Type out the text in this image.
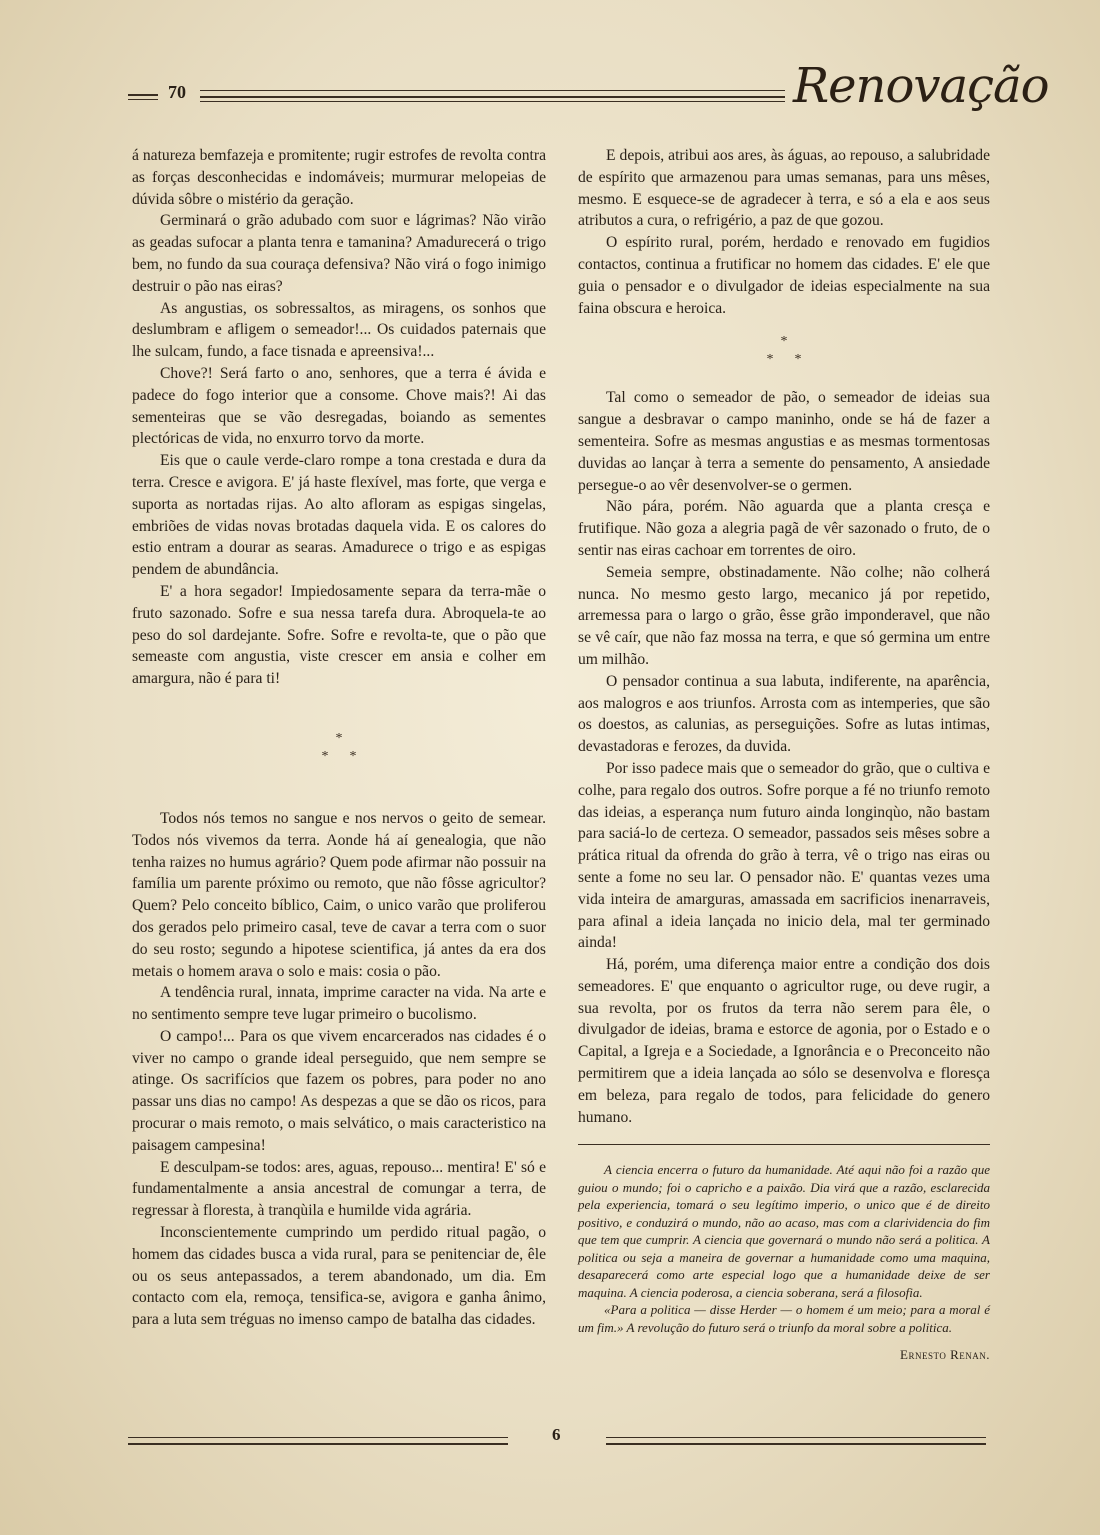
70	Renovação

á natureza bemfazeja e promitente; rugir estrofes de revolta contra as forças desconhecidas e indomáveis; murmurar melopeias de dúvida sôbre o mistério da geração.

Germinará o grão adubado com suor e lágrimas? Não virão as geadas sufocar a planta tenra e tamanina? Amadurecerá o trigo bem, no fundo da sua couraça defensiva? Não virá o fogo inimigo destruir o pão nas eiras?

As angustias, os sobressaltos, as miragens, os sonhos que deslumbram e afligem o semeador!... Os cuidados paternais que lhe sulcam, fundo, a face tisnada e apreensiva!...

Chove?! Será farto o ano, senhores, que a terra é ávida e padece do fogo interior que a consome. Chove mais?! Ai das sementeiras que se vão desregadas, boiando as sementes plectóricas de vida, no enxurro torvo da morte.

Eis que o caule verde-claro rompe a tona crestada e dura da terra. Cresce e avigora. E' já haste flexível, mas forte, que verga e suporta as nortadas rijas. Ao alto afloram as espigas singelas, embriões de vidas novas brotadas daquela vida. E os calores do estio entram a dourar as searas. Amadurece o trigo e as espigas pendem de abundância.

E' a hora segador! Impiedosamente separa da terra-mãe o fruto sazonado. Sofre e sua nessa tarefa dura. Abroquela-te ao peso do sol dardejante. Sofre. Sofre e revolta-te, que o pão que semeaste com angustia, viste crescer em ansia e colher em amargura, não é para ti!

*
* *

Todos nós temos no sangue e nos nervos o geito de semear. Todos nós vivemos da terra. Aonde há aí genealogia, que não tenha raizes no humus agrário? Quem pode afirmar não possuir na família um parente próximo ou remoto, que não fôsse agricultor? Quem? Pelo conceito bíblico, Caim, o unico varão que proliferou dos gerados pelo primeiro casal, teve de cavar a terra com o suor do seu rosto; segundo a hipotese scientifica, já antes da era dos metais o homem arava o solo e mais: cosia o pão.

A tendência rural, innata, imprime caracter na vida. Na arte e no sentimento sempre teve lugar primeiro o bucolismo.

O campo!... Para os que vivem encarcerados nas cidades é o viver no campo o grande ideal perseguido, que nem sempre se atinge. Os sacrifícios que fazem os pobres, para poder no ano passar uns dias no campo! As despezas a que se dão os ricos, para procurar o mais remoto, o mais selvático, o mais caracteristico na paisagem campesina!

E desculpam-se todos: ares, aguas, repouso... mentira! E' só e fundamentalmente a ansia ancestral de comungar a terra, de regressar à floresta, à tranqùila e humilde vida agrária.

Inconscientemente cumprindo um perdido ritual pagão, o homem das cidades busca a vida rural, para se penitenciar de, êle ou os seus antepassados, a terem abandonado, um dia. Em contacto com ela, remoça, tensifica-se, avigora e ganha ânimo, para a luta sem tréguas no imenso campo de batalha das cidades.

E depois, atribui aos ares, às águas, ao repouso, a salubridade de espírito que armazenou para umas semanas, para uns mêses, mesmo. E esquece-se de agradecer à terra, e só a ela e aos seus atributos a cura, o refrigério, a paz de que gozou.

O espírito rural, porém, herdado e renovado em fugidios contactos, continua a frutificar no homem das cidades. E' ele que guia o pensador e o divulgador de ideias especialmente na sua faina obscura e heroica.

*
* *

Tal como o semeador de pão, o semeador de ideias sua sangue a desbravar o campo maninho, onde se há de fazer a sementeira. Sofre as mesmas angustias e as mesmas tormentosas duvidas ao lançar à terra a semente do pensamento, A ansiedade persegue-o ao vêr desenvolver-se o germen.

Não pára, porém. Não aguarda que a planta cresça e frutifique. Não goza a alegria pagã de vêr sazonado o fruto, de o sentir nas eiras cachoar em torrentes de oiro.

Semeia sempre, obstinadamente. Não colhe; não colherá nunca. No mesmo gesto largo, mecanico já por repetido, arremessa para o largo o grão, êsse grão imponderavel, que não se vê caír, que não faz mossa na terra, e que só germina um entre um milhão.

O pensador continua a sua labuta, indiferente, na aparência, aos malogros e aos triunfos. Arrosta com as intemperies, que são os doestos, as calunias, as perseguições. Sofre as lutas intimas, devastadoras e ferozes, da duvida.

Por isso padece mais que o semeador do grão, que o cultiva e colhe, para regalo dos outros. Sofre porque a fé no triunfo remoto das ideias, a esperança num futuro ainda longinqùo, não bastam para saciá-lo de certeza. O semeador, passados seis mêses sobre a prática ritual da ofrenda do grão à terra, vê o trigo nas eiras ou sente a fome no seu lar. O pensador não. E' quantas vezes uma vida inteira de amarguras, amassada em sacrificios inenarraveis, para afinal a ideia lançada no inicio dela, mal ter germinado ainda!

Há, porém, uma diferença maior entre a condição dos dois semeadores. E' que enquanto o agricultor ruge, ou deve rugir, a sua revolta, por os frutos da terra não serem para êle, o divulgador de ideias, brama e estorce de agonia, por o Estado e o Capital, a Igreja e a Sociedade, a Ignorância e o Preconceito não permitirem que a ideia lançada ao sólo se desenvolva e floresça em beleza, para regalo de todos, para felicidade do genero humano.

A ciencia encerra o futuro da humanidade. Até aqui não foi a razão que guiou o mundo; foi o capricho e a paixão. Dia virá que a razão, esclarecida pela experiencia, tomará o seu legítimo imperio, o unico que é de direito positivo, e conduzirá o mundo, não ao acaso, mas com a clarividencia do fim que tem que cumprir. A ciencia que governará o mundo não será a politica. A politica ou seja a maneira de governar a humanidade como uma maquina, desaparecerá como arte especial logo que a humanidade deixe de ser maquina. A ciencia poderosa, a ciencia soberana, será a filosofia.

«Para a politica — disse Herder — o homem é um meio; para a moral é um fim.» A revolução do futuro será o triunfo da moral sobre a politica.

Ernesto Renan.
6
